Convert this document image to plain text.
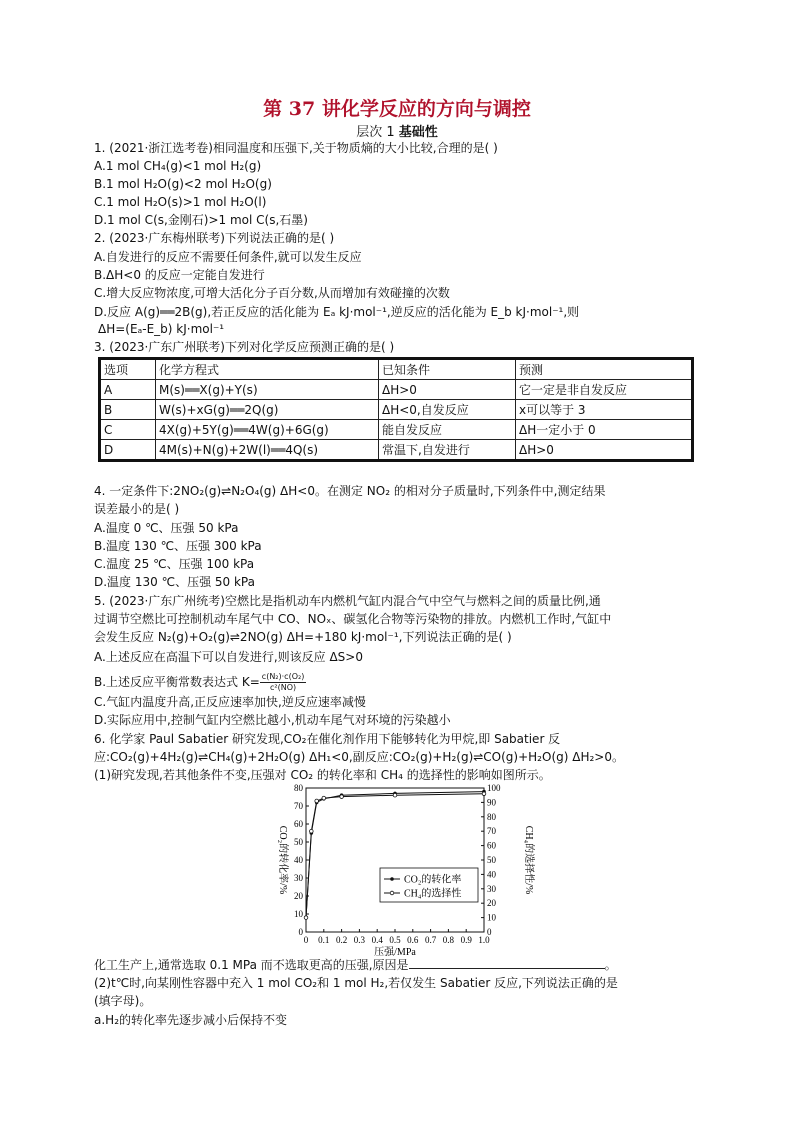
第 37 讲化学反应的方向与调控
层次 1 基础性
1. (2021·浙江选考卷)相同温度和压强下,关于物质熵的大小比较,合理的是( )
A.1 mol CH₄(g)<1 mol H₂(g)
B.1 mol H₂O(g)<2 mol H₂O(g)
C.1 mol H₂O(s)>1 mol H₂O(l)
D.1 mol C(s,金刚石)>1 mol C(s,石墨)
2. (2023·广东梅州联考)下列说法正确的是( )
A.自发进行的反应不需要任何条件,就可以发生反应
B.ΔH<0 的反应一定能自发进行
C.增大反应物浓度,可增大活化分子百分数,从而增加有效碰撞的次数
D.反应 A(g)══2B(g),若正反应的活化能为 Eₐ kJ·mol⁻¹,逆反应的活化能为 E_b kJ·mol⁻¹,则
ΔH=(Eₐ-E_b) kJ·mol⁻¹
3. (2023·广东广州联考)下列对化学反应预测正确的是( )
选项	化学方程式	已知条件	预测
A	M(s)══X(g)+Y(s)	ΔH>0	它一定是非自发反应
B	W(s)+xG(g)══2Q(g)	ΔH<0,自发反应	x可以等于 3
C	4X(g)+5Y(g)══4W(g)+6G(g)	能自发反应	ΔH一定小于 0
D	4M(s)+N(g)+2W(l)══4Q(s)	常温下,自发进行	ΔH>0
4. 一定条件下:2NO₂(g)⇌N₂O₄(g) ΔH<0。在测定 NO₂ 的相对分子质量时,下列条件中,测定结果
误差最小的是( )
A.温度 0 ℃、压强 50 kPa
B.温度 130 ℃、压强 300 kPa
C.温度 25 ℃、压强 100 kPa
D.温度 130 ℃、压强 50 kPa
5. (2023·广东广州统考)空燃比是指机动车内燃机气缸内混合气中空气与燃料之间的质量比例,通
过调节空燃比可控制机动车尾气中 CO、NOₓ、碳氢化合物等污染物的排放。内燃机工作时,气缸中
会发生反应 N₂(g)+O₂(g)⇌2NO(g) ΔH=+180 kJ·mol⁻¹,下列说法正确的是( )
A.上述反应在高温下可以自发进行,则该反应 ΔS>0
B.上述反应平衡常数表达式 $K= \frac{\text{c(N₂)·c(O₂)}}{\text{c²(NO)}}$
C.气缸内温度升高,正反应速率加快,逆反应速率减慢
D.实际应用中,控制气缸内空燃比越小,机动车尾气对环境的污染越小
6. 化学家 Paul Sabatier 研究发现,CO₂在催化剂作用下能够转化为甲烷,即 Sabatier 反
应:CO₂(g)+4H₂(g)⇌CH₄(g)+2H₂O(g) ΔH₁<0,副反应:CO₂(g)+H₂(g)⇌CO(g)+H₂O(g) ΔH₂>0。
(1)研究发现,若其他条件不变,压强对 CO₂ 的转化率和 CH₄ 的选择性的影响如图所示。
0 0.1 0.2 0.3 0.4 0.5 0.6 0.7 0.8 0.9 1.0
0
10
20
30
40
50
60
70
80
0
10
20
30
40
50
60
70
80
90
100
压强/MPa
CO₂的转化率/%	CH₄的选择性/%
CO₂的转化率
CH₄的选择性
化工生产上,通常选取 0.1 MPa 而不选取更高的压强,原因是	。
(2)t℃时,向某刚性容器中充入 1 mol CO₂和 1 mol H₂,若仅发生 Sabatier 反应,下列说法正确的是
(填字母)。
a.H₂的转化率先逐步减小后保持不变
